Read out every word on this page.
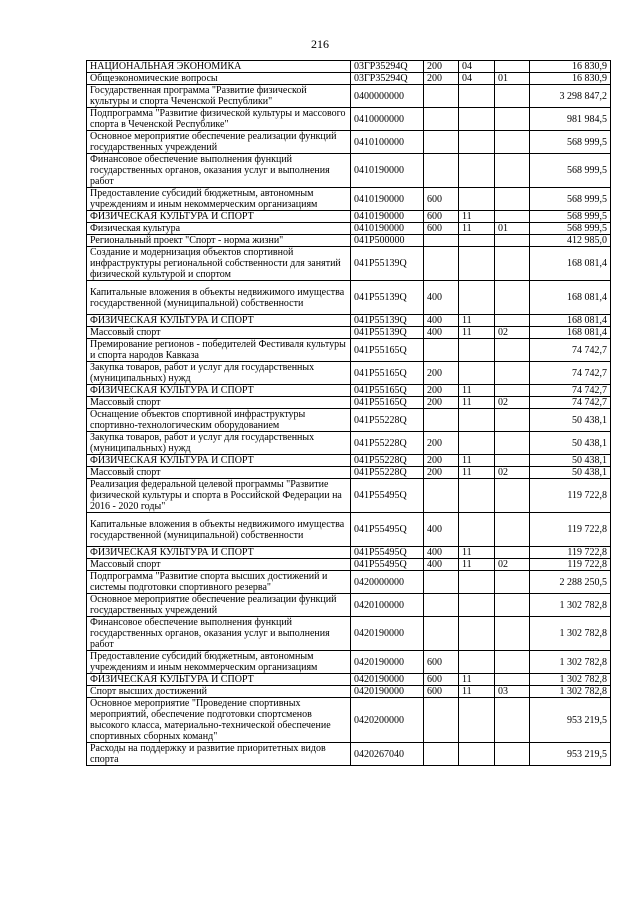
216
НАЦИОНАЛЬНАЯ ЭКОНОМИКА	03ГР35294Q	200	04		16 830,9
Общеэкономические вопросы	03ГР35294Q	200	04	01	16 830,9
Государственная программа "Развитие физической культуры и спорта Чеченской Республики"	0400000000				3 298 847,2
Подпрограмма "Развитие физической культуры и массового спорта в Чеченской Республике"	0410000000				981 984,5
Основное мероприятие обеспечение реализации функций государственных учреждений	0410100000				568 999,5
Финансовое обеспечение выполнения функций государственных органов, оказания услуг и выполнения работ	0410190000				568 999,5
Предоставление субсидий бюджетным, автономным учреждениям и иным некоммерческим организациям	0410190000	600			568 999,5
ФИЗИЧЕСКАЯ КУЛЬТУРА И СПОРТ	0410190000	600	11		568 999,5
Физическая культура	0410190000	600	11	01	568 999,5
Региональный проект "Спорт - норма жизни"	041P500000				412 985,0
Создание и модернизация объектов спортивной инфраструктуры региональной собственности для занятий физической культурой и спортом	041P55139Q				168 081,4
Капитальные вложения в объекты недвижимого имущества государственной (муниципальной) собственности	041P55139Q	400			168 081,4
ФИЗИЧЕСКАЯ КУЛЬТУРА И СПОРТ	041P55139Q	400	11		168 081,4
Массовый спорт	041P55139Q	400	11	02	168 081,4
Премирование регионов - победителей Фестиваля культуры и спорта народов Кавказа	041P55165Q				74 742,7
Закупка товаров, работ и услуг для государственных (муниципальных) нужд	041P55165Q	200			74 742,7
ФИЗИЧЕСКАЯ КУЛЬТУРА И СПОРТ	041P55165Q	200	11		74 742,7
Массовый спорт	041P55165Q	200	11	02	74 742,7
Оснащение объектов спортивной инфраструктуры спортивно-технологическим оборудованием	041P55228Q				50 438,1
Закупка товаров, работ и услуг для государственных (муниципальных) нужд	041P55228Q	200			50 438,1
ФИЗИЧЕСКАЯ КУЛЬТУРА И СПОРТ	041P55228Q	200	11		50 438,1
Массовый спорт	041P55228Q	200	11	02	50 438,1
Реализация федеральной целевой программы "Развитие физической культуры и спорта в Российской Федерации на 2016 - 2020 годы"	041P55495Q				119 722,8
Капитальные вложения в объекты недвижимого имущества государственной (муниципальной) собственности	041P55495Q	400			119 722,8
ФИЗИЧЕСКАЯ КУЛЬТУРА И СПОРТ	041P55495Q	400	11		119 722,8
Массовый спорт	041P55495Q	400	11	02	119 722,8
Подпрограмма "Развитие спорта высших достижений и системы подготовки спортивного резерва"	0420000000				2 288 250,5
Основное мероприятие обеспечение реализации функций государственных учреждений	0420100000				1 302 782,8
Финансовое обеспечение выполнения функций государственных органов, оказания услуг и выполнения работ	0420190000				1 302 782,8
Предоставление субсидий бюджетным, автономным учреждениям и иным некоммерческим организациям	0420190000	600			1 302 782,8
ФИЗИЧЕСКАЯ КУЛЬТУРА И СПОРТ	0420190000	600	11		1 302 782,8
Спорт высших достижений	0420190000	600	11	03	1 302 782,8
Основное мероприятие "Проведение спортивных мероприятий, обеспечение подготовки спортсменов высокого класса, материально-технической обеспечение спортивных сборных команд"	0420200000				953 219,5
Расходы на поддержку и развитие приоритетных видов спорта	0420267040				953 219,5
